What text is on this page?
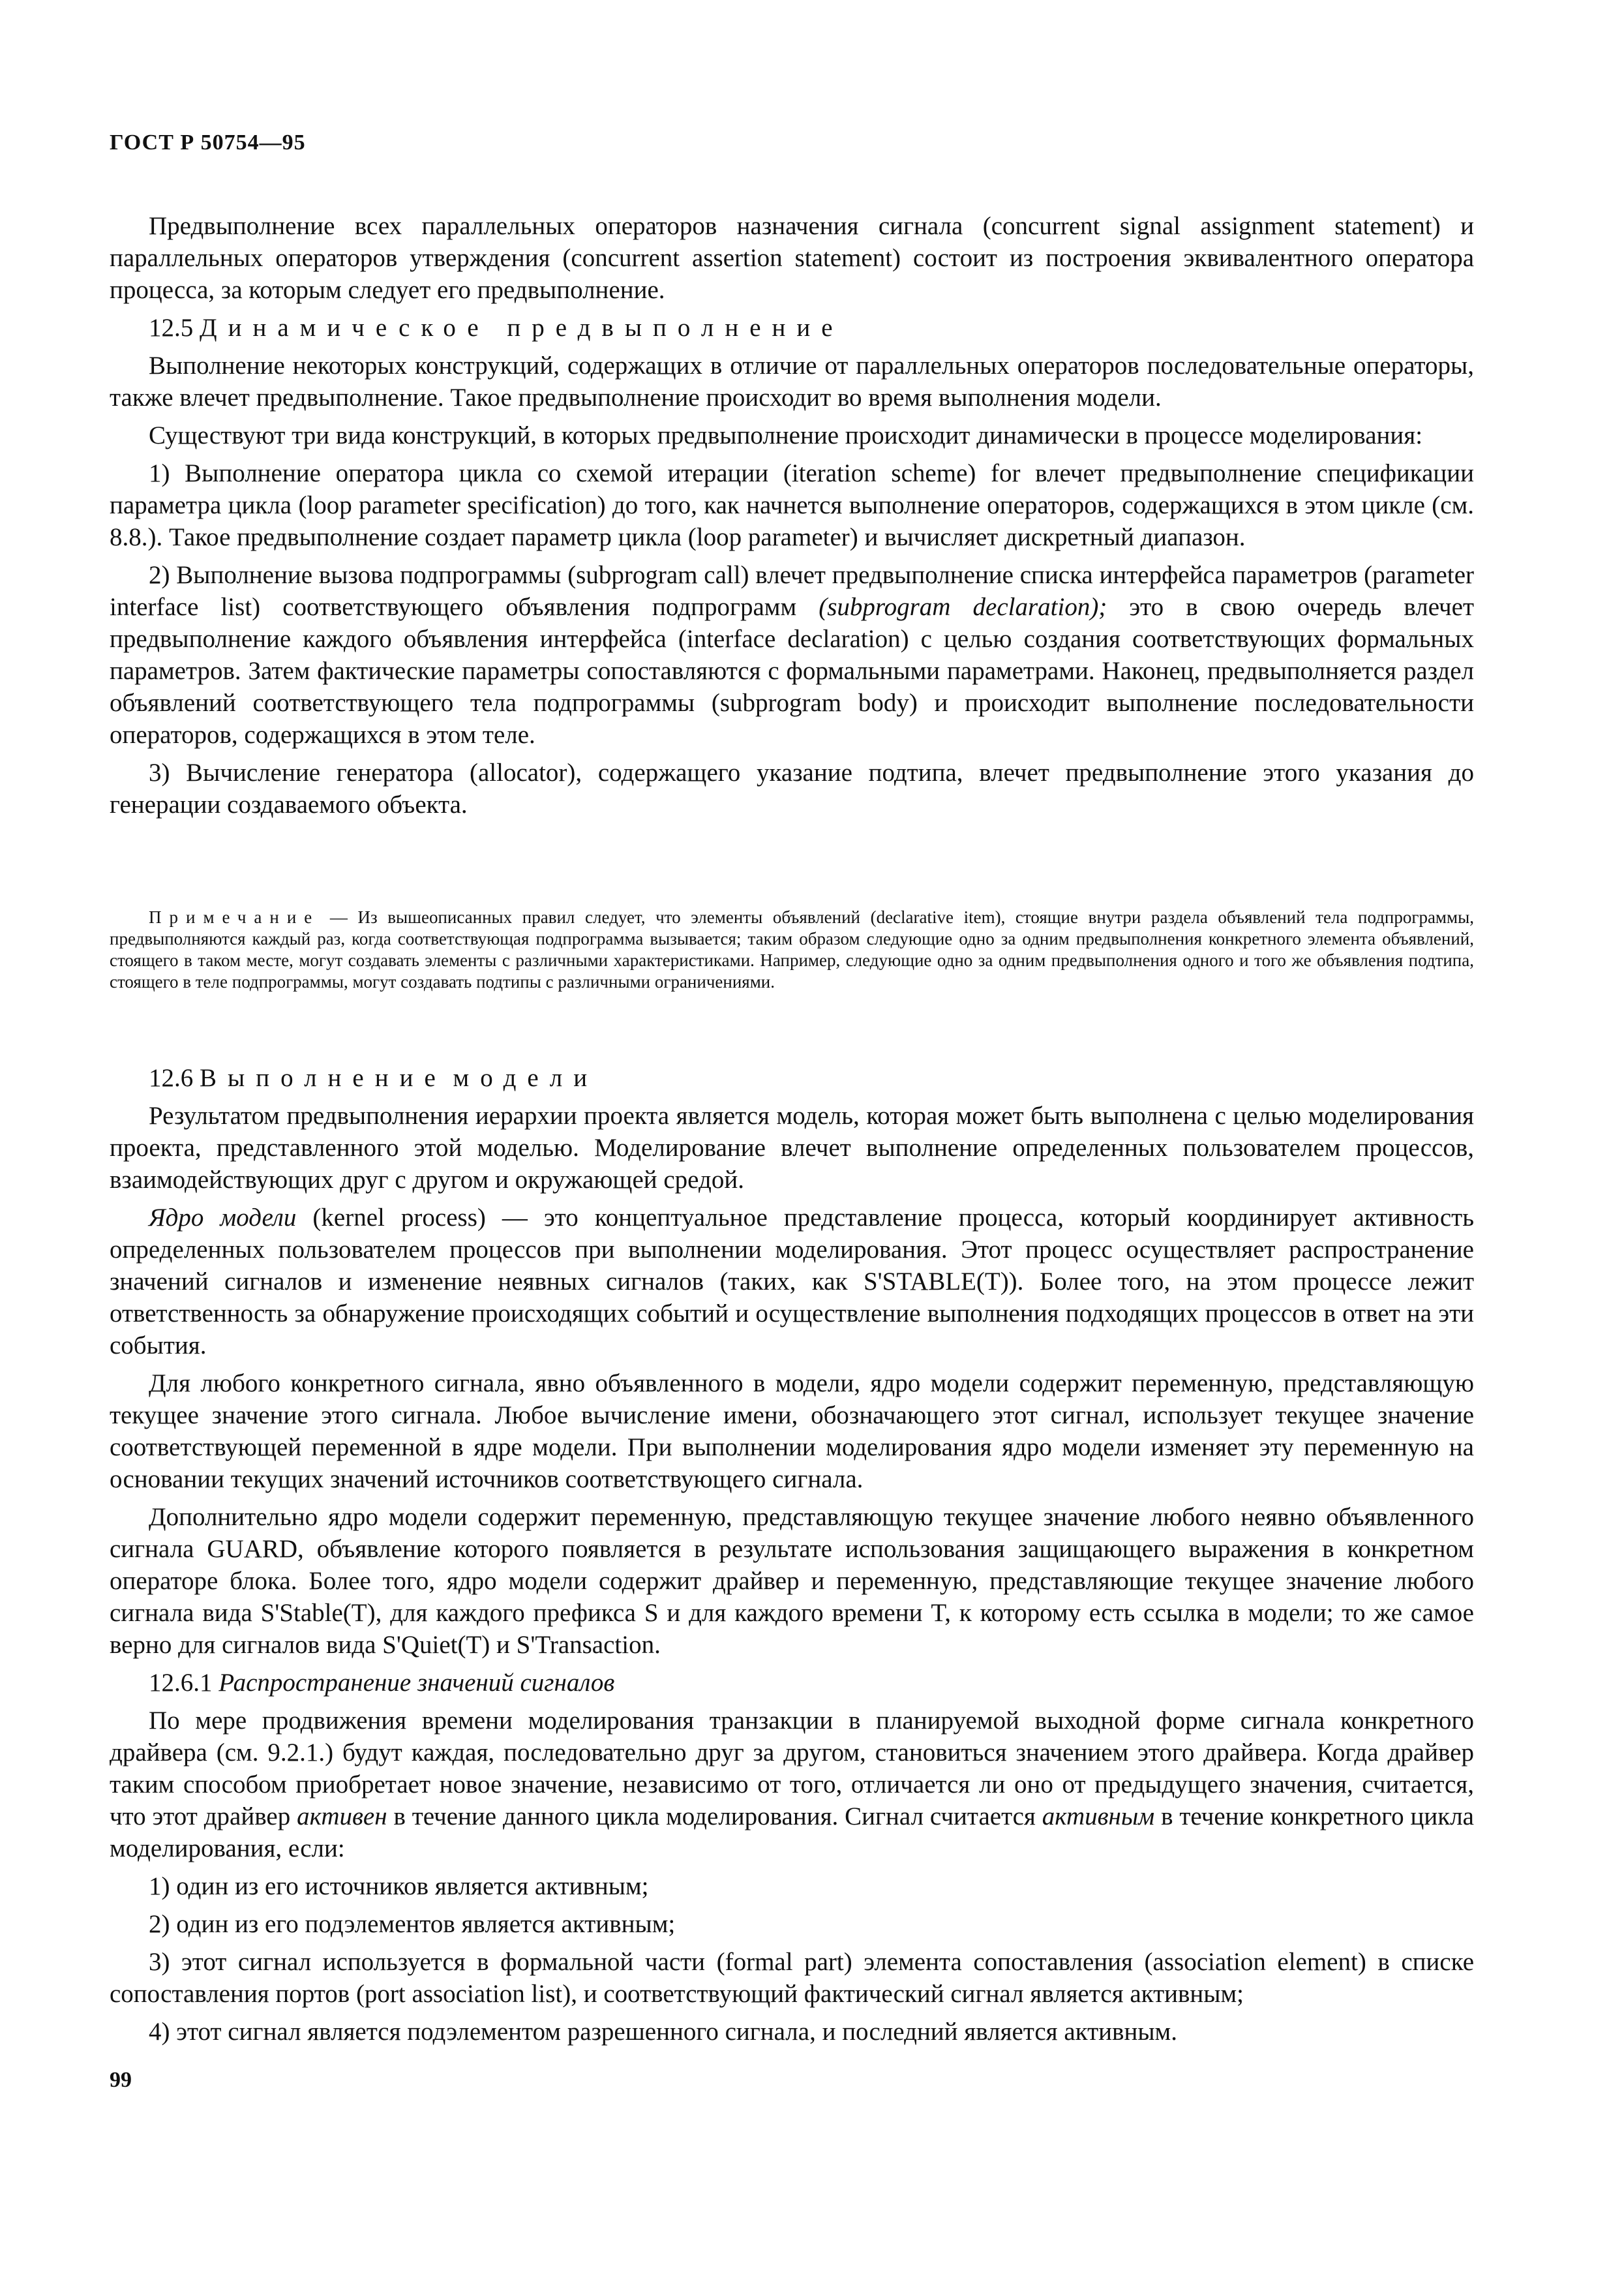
ГОСТ Р 50754—95

Предвыполнение всех параллельных операторов назначения сигнала (concurrent signal assignment statement) и параллельных операторов утверждения (concurrent assertion statement) состоит из построения эквивалентного оператора процесса, за которым следует его предвыполнение.

12.5 Динамическое предвыполнение

Выполнение некоторых конструкций, содержащих в отличие от параллельных операторов последовательные операторы, также влечет предвыполнение. Такое предвыполнение происходит во время выполнения модели.

Существуют три вида конструкций, в которых предвыполнение происходит динамически в процессе моделирования:

1) Выполнение оператора цикла со схемой итерации (iteration scheme) for влечет предвыполнение спецификации параметра цикла (loop parameter specification) до того, как начнется выполнение операторов, содержащихся в этом цикле (см. 8.8.). Такое предвыполнение создает параметр цикла (loop parameter) и вычисляет дискретный диапазон.

2) Выполнение вызова подпрограммы (subprogram call) влечет предвыполнение списка интерфейса параметров (parameter interface list) соответствующего объявления подпрограмм (subprogram declaration); это в свою очередь влечет предвыполнение каждого объявления интерфейса (interface declaration) с целью создания соответствующих формальных параметров. Затем фактические параметры сопоставляются с формальными параметрами. Наконец, предвыполняется раздел объявлений соответствующего тела подпрограммы (subprogram body) и происходит выполнение последовательности операторов, содержащихся в этом теле.

3) Вычисление генератора (allocator), содержащего указание подтипа, влечет предвыполнение этого указания до генерации создаваемого объекта.

Примечание — Из вышеописанных правил следует, что элементы объявлений (declarative item), стоящие внутри раздела объявлений тела подпрограммы, предвыполняются каждый раз, когда соответствующая подпрограмма вызывается; таким образом следующие одно за одним предвыполнения конкретного элемента объявлений, стоящего в таком месте, могут создавать элементы с различными характеристиками. Например, следующие одно за одним предвыполнения одного и того же объявления подтипа, стоящего в теле подпрограммы, могут создавать подтипы с различными ограничениями.

12.6 Выполнение модели

Результатом предвыполнения иерархии проекта является модель, которая может быть выполнена с целью моделирования проекта, представленного этой моделью. Моделирование влечет выполнение определенных пользователем процессов, взаимодействующих друг с другом и окружающей средой.

Ядро модели (kernel process) — это концептуальное представление процесса, который координирует активность определенных пользователем процессов при выполнении моделирования. Этот процесс осуществляет распространение значений сигналов и изменение неявных сигналов (таких, как S'STABLE(T)). Более того, на этом процессе лежит ответственность за обнаружение происходящих событий и осуществление выполнения подходящих процессов в ответ на эти события.

Для любого конкретного сигнала, явно объявленного в модели, ядро модели содержит переменную, представляющую текущее значение этого сигнала. Любое вычисление имени, обозначающего этот сигнал, использует текущее значение соответствующей переменной в ядре модели. При выполнении моделирования ядро модели изменяет эту переменную на основании текущих значений источников соответствующего сигнала.

Дополнительно ядро модели содержит переменную, представляющую текущее значение любого неявно объявленного сигнала GUARD, объявление которого появляется в результате использования защищающего выражения в конкретном операторе блока. Более того, ядро модели содержит драйвер и переменную, представляющие текущее значение любого сигнала вида S'Stable(T), для каждого префикса S и для каждого времени T, к которому есть ссылка в модели; то же самое верно для сигналов вида S'Quiet(T) и S'Transaction.

12.6.1 Распространение значений сигналов

По мере продвижения времени моделирования транзакции в планируемой выходной форме сигнала конкретного драйвера (см. 9.2.1.) будут каждая, последовательно друг за другом, становиться значением этого драйвера. Когда драйвер таким способом приобретает новое значение, независимо от того, отличается ли оно от предыдущего значения, считается, что этот драйвер активен в течение данного цикла моделирования. Сигнал считается активным в течение конкретного цикла моделирования, если:

1) один из его источников является активным;

2) один из его подэлементов является активным;

3) этот сигнал используется в формальной части (formal part) элемента сопоставления (association element) в списке сопоставления портов (port association list), и соответствующий фактический сигнал является активным;

4) этот сигнал является подэлементом разрешенного сигнала, и последний является активным.

99
